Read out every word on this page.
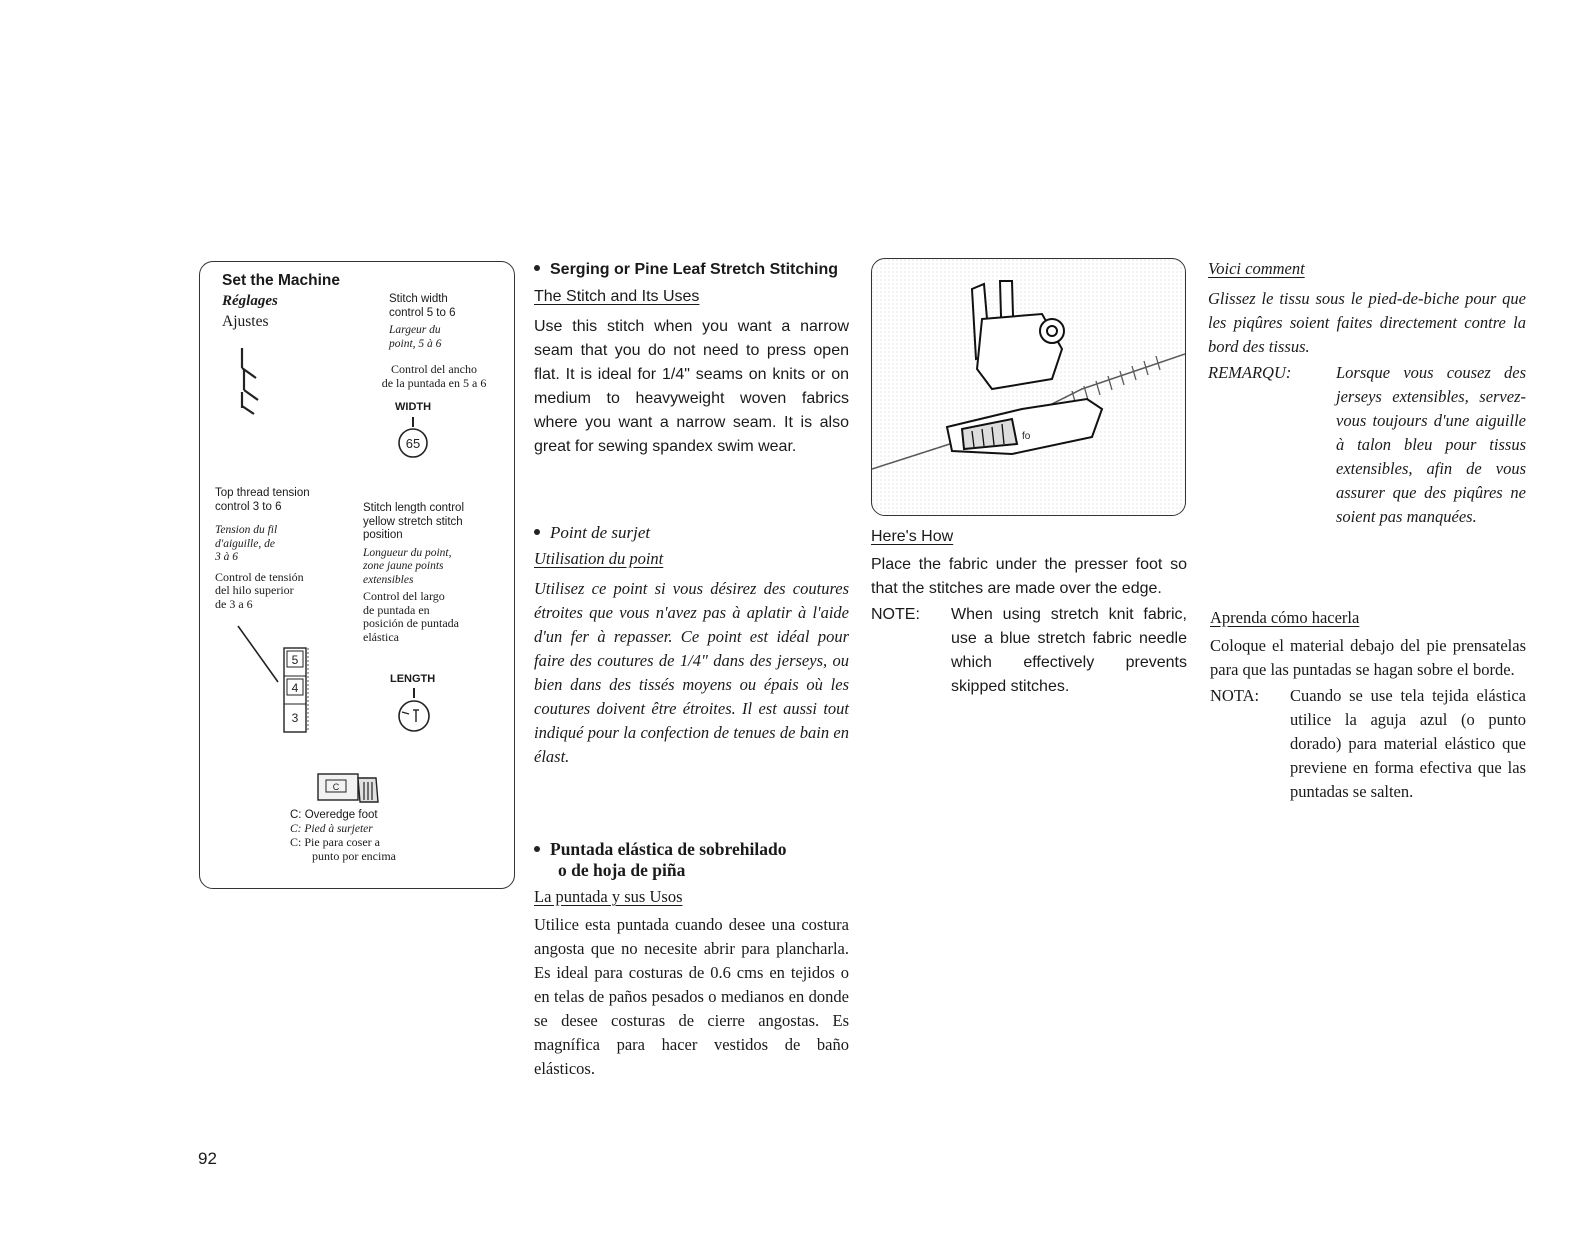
Set the Machine
Réglages
Ajustes
Stitch width
control 5 to 6
Largeur du
point, 5 à 6
Control del ancho
de la puntada en 5 a 6
WIDTH
65
Top thread tension
control 3 to 6
Tension du fil
d'aiguille, de
3 à 6
Control de tensión
del hilo superior
de 3 a 6
5
4
3
Stitch length control
yellow stretch stitch
position
Longueur du point,
zone jaune points
extensibles
Control del largo
de puntada en
posición de puntada
elástica
LENGTH
C
C: Overedge foot
C: Pied à surjeter
C: Pie para coser a
punto por encima
Serging or Pine Leaf Stretch Stitching
The Stitch and Its Uses
Use this stitch when you want a narrow seam that you do not need to press open flat. It is ideal for 1/4" seams on knits or on medium to heavyweight woven fabrics where you want a narrow seam. It is also great for sewing spandex swim wear.
Point de surjet
Utilisation du point
Utilisez ce point si vous désirez des coutures étroites que vous n'avez pas à aplatir à l'aide d'un fer à repasser. Ce point est idéal pour faire des coutures de 1/4" dans des jerseys, ou bien dans des tissés moyens ou épais où les coutures doivent être étroites. Il est aussi tout indiqué pour la confection de tenues de bain en élast.
Puntada elástica de sobrehilado
o de hoja de piña
La puntada y sus Usos
Utilice esta puntada cuando desee una costura angosta que no necesite abrir para plancharla. Es ideal para costuras de 0.6 cms en tejidos o en telas de paños pesados o medianos en donde se desee costuras de cierre angostas. Es magnífica para hacer vestidos de baño elásticos.
fo
Here's How
Place the fabric under the presser foot so that the stitches are made over the edge.
NOTE:	When using stretch knit fabric, use a blue stretch fabric needle which effectively prevents skipped stitches.
Voici comment
Glissez le tissu sous le pied-de-biche pour que les piqûres soient faites directement contre la bord des tissus.
REMARQU:	Lorsque vous cousez des jerseys extensibles, servez-vous toujours d'une aiguille à talon bleu pour tissus extensibles, afin de vous assurer que des piqûres ne soient pas manquées.
Aprenda cómo hacerla
Coloque el material debajo del pie prensatelas para que las puntadas se hagan sobre el borde.
NOTA:	Cuando se use tela tejida elástica utilice la aguja azul (o punto dorado) para material elástico que previene en forma efectiva que las puntadas se salten.
92
